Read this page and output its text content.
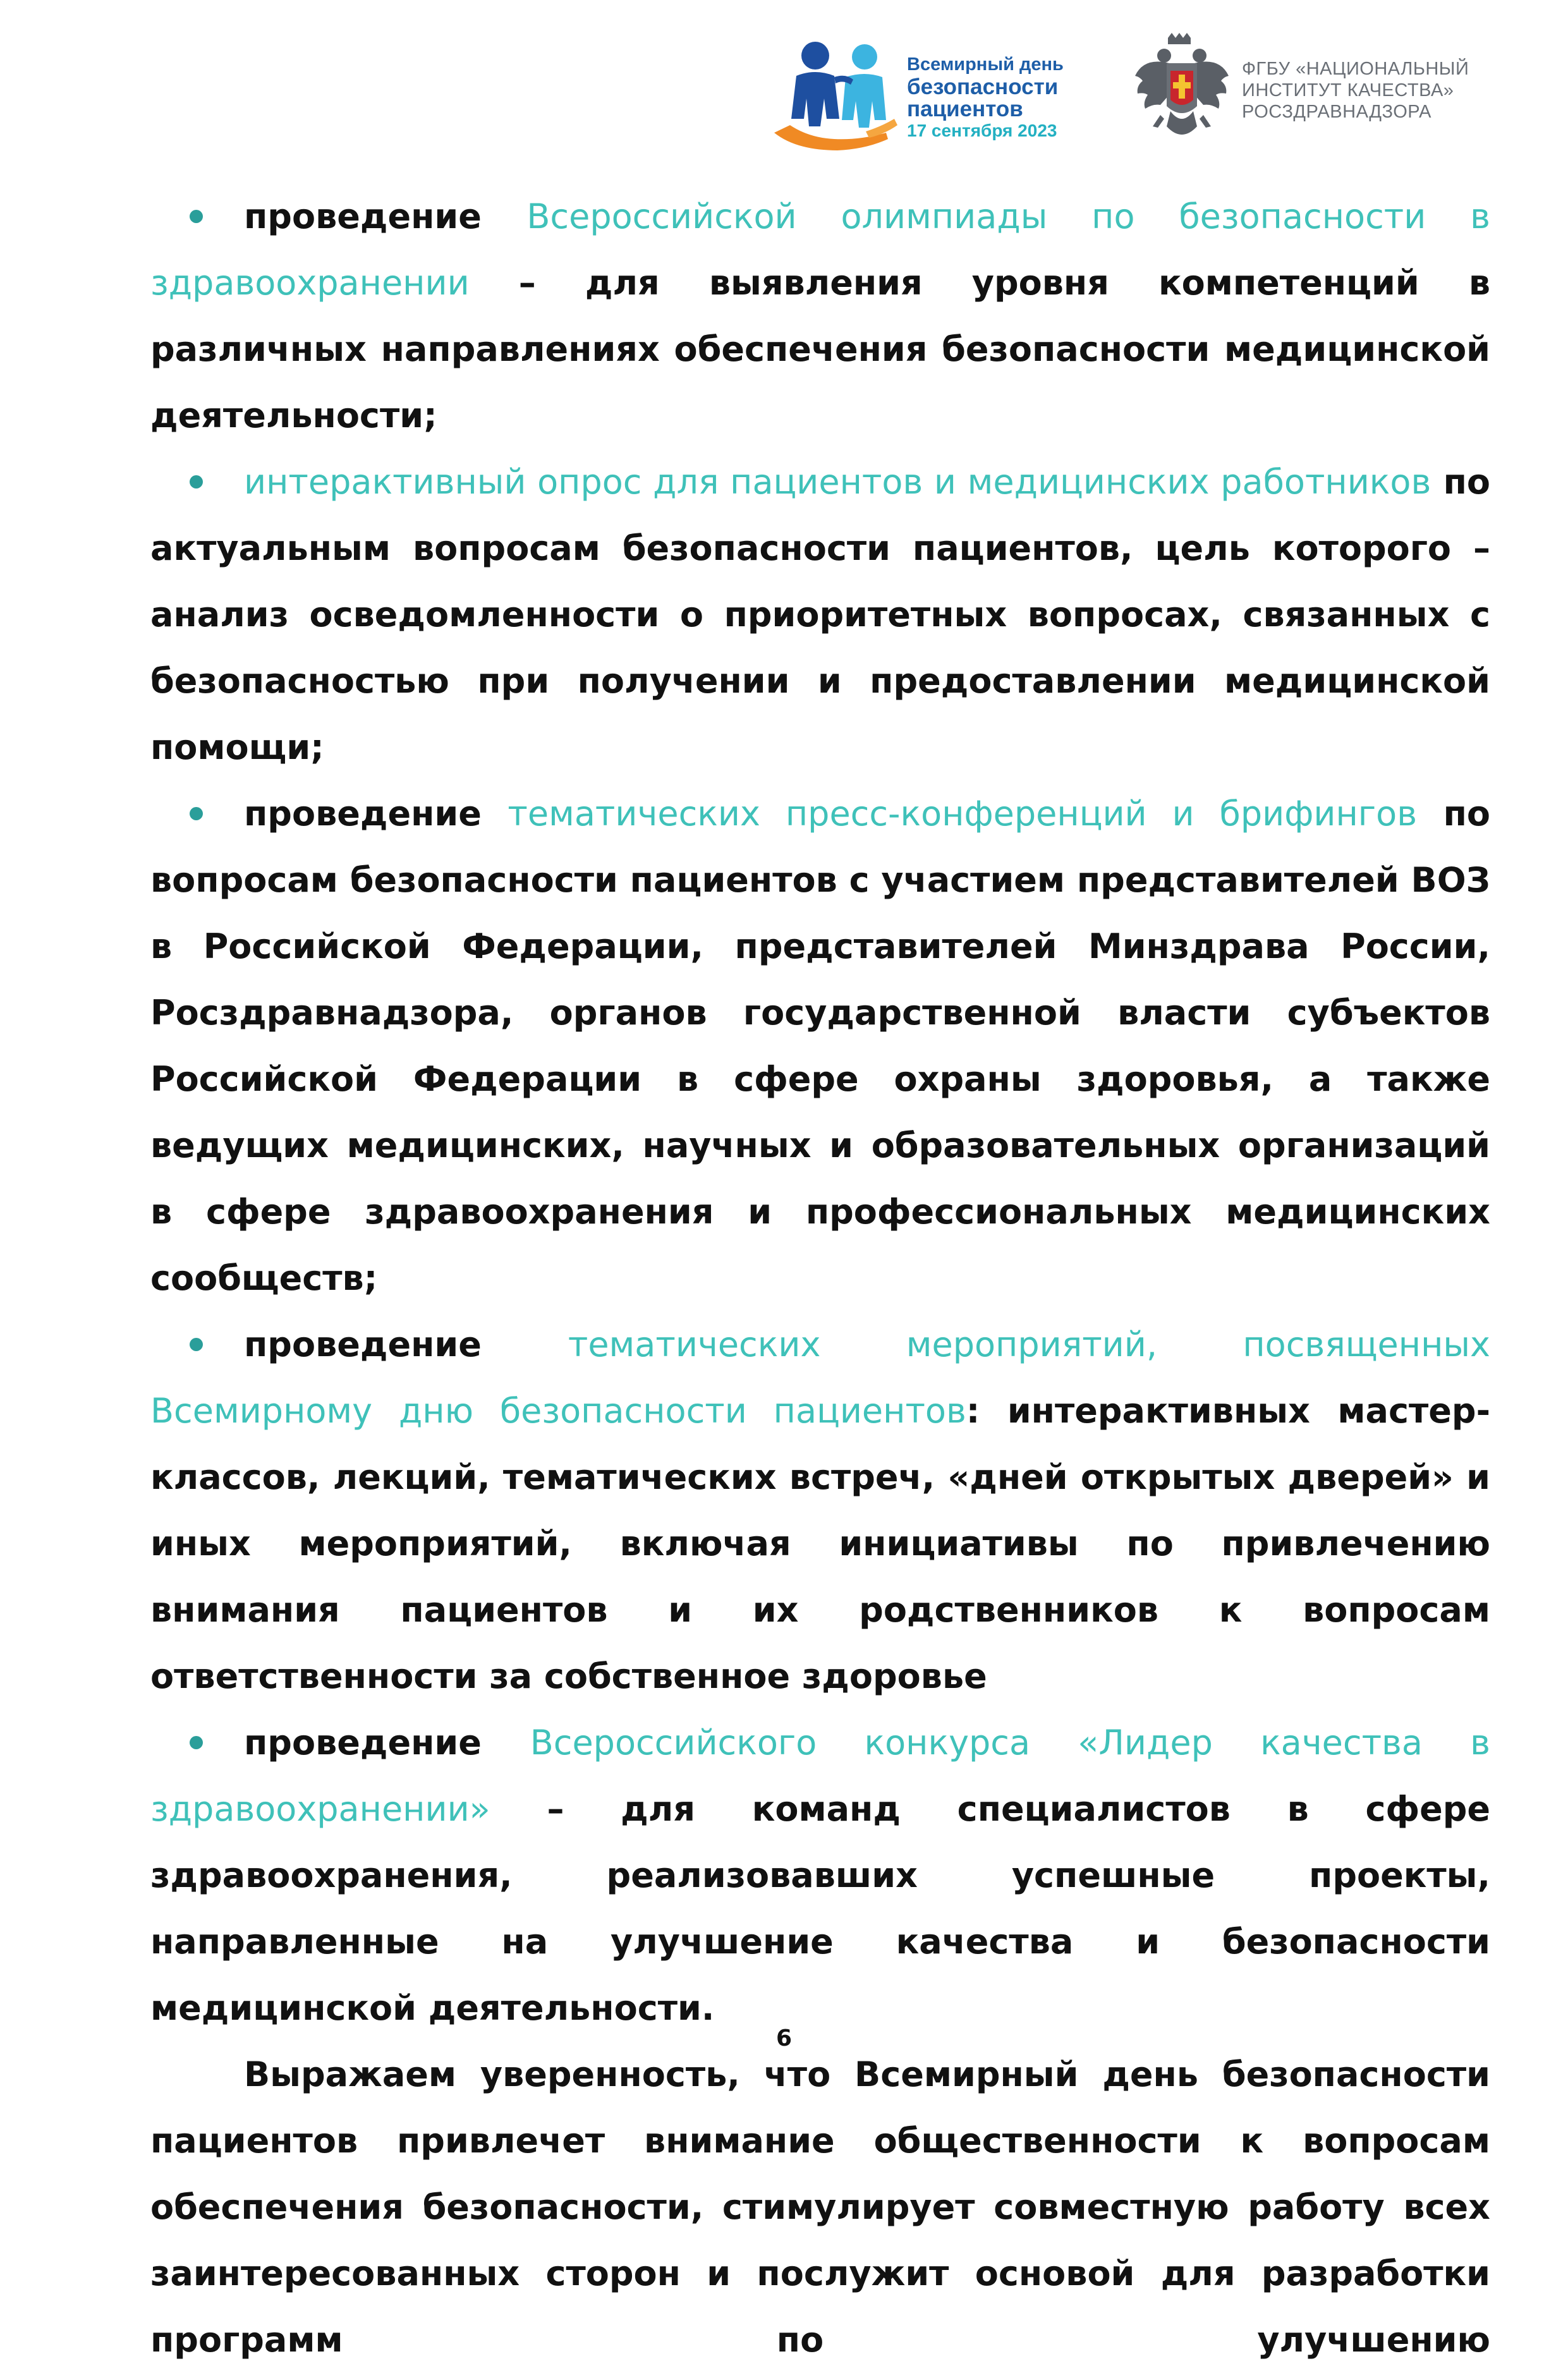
Всемирный день
безопасности
пациентов
17 сентября 2023
ФГБУ «НАЦИОНАЛЬНЫЙ
ИНСТИТУТ КАЧЕСТВА»
РОСЗДРАВНАДЗОРА

проведение Всероссийской олимпиады по безопасности в здравоохранении – для выявления уровня компетенций в различных направлениях обеспечения безопасности медицинской деятельности;

интерактивный опрос для пациентов и медицинских работников по актуальным вопросам безопасности пациентов, цель которого – анализ осведомленности о приоритетных вопросах, связанных с безопасностью при получении и предоставлении медицинской помощи;

проведение тематических пресс-конференций и брифингов по вопросам безопасности пациентов с участием представителей ВОЗ в Российской Федерации, представителей Минздрава России, Росздравнадзора, органов государственной власти субъектов Российской Федерации в сфере охраны здоровья, а также ведущих медицинских, научных и образовательных организаций в сфере здравоохранения и профессиональных медицинских сообществ;

проведение тематических мероприятий, посвященных Всемирному дню безопасности пациентов: интерактивных мастер-классов, лекций, тематических встреч, «дней открытых дверей» и иных мероприятий, включая инициативы по привлечению внимания пациентов и их родственников к вопросам ответственности за собственное здоровье

проведение Всероссийского конкурса «Лидер качества в здравоохранении» – для команд специалистов в сфере здравоохранения, реализовавших успешные проекты, направленные на улучшение качества и безопасности медицинской деятельности.

Выражаем уверенность, что Всемирный день безопасности пациентов привлечет внимание общественности к вопросам обеспечения безопасности, стимулирует совместную работу всех заинтересованных сторон и послужит основой для разработки программ по улучшению

6
